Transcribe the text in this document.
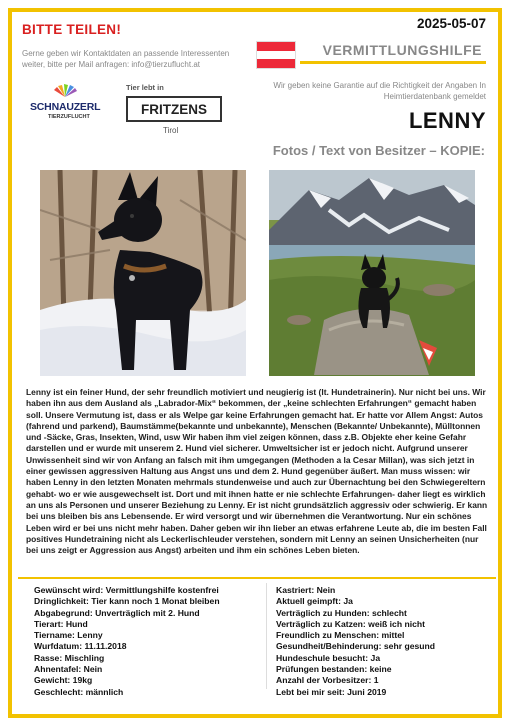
BITTE TEILEN!	2025-05-07
Gerne geben wir Kontaktdaten an passende Interessenten weiter, bitte per Mail anfragen: info@tierzuflucht.at
VERMITTLUNGSHILFE
SCHNAUZERL
TIERZUFLUCHT
Tier lebt in
FRITZENS
Tirol
Wir geben keine Garantie auf die Richtigkeit der Angaben In Heimtierdatenbank gemeldet
LENNY
Fotos / Text von Besitzer – KOPIE:

Lenny ist ein feiner Hund, der sehr freundlich motiviert und neugierig ist (lt. Hundetrainerin). Nur nicht bei uns. Wir haben ihn aus dem Ausland als „Labrador-Mix“ bekommen, der „keine schlechten Erfahrungen“ gemacht haben soll. Unsere Vermutung ist, dass er als Welpe gar keine Erfahrungen gemacht hat. Er hatte vor Allem Angst: Autos (fahrend und parkend), Baumstämme(bekannte und unbekannte), Menschen (Bekannte/ Unbekannte), Mülltonnen und -Säcke, Gras, Insekten, Wind, usw Wir haben ihm viel zeigen können, dass z.B. Objekte eher keine Gefahr darstellen und er wurde mit unserem 2. Hund viel sicherer. Umweltsicher ist er jedoch nicht. Aufgrund unserer Unwissenheit sind wir von Anfang an falsch mit ihm umgegangen (Methoden a la Cesar Millan), was sich jetzt in einer gewissen aggressiven Haltung aus Angst uns und dem 2. Hund gegenüber äußert. Man muss wissen: wir haben Lenny in den letzten Monaten mehrmals stundenweise und auch zur Übernachtung bei den Schwiegereltern gehabt- wo er wie ausgewechselt ist. Dort und mit ihnen hatte er nie schlechte Erfahrungen- daher liegt es wirklich an uns als Personen und unserer Beziehung zu Lenny. Er ist nicht grundsätzlich aggressiv oder schwierig. Er kann bei uns bleiben bis ans Lebensende. Er wird versorgt und wir übernehmen die Verantwortung. Nur ein schönes Leben wird er bei uns nicht mehr haben. Daher geben wir ihn lieber an etwas erfahrene Leute ab, die im besten Fall positives Hundetraining nicht als Leckerlischleuder verstehen, sondern mit Lenny an seinen Unsicherheiten (nur bei uns zeigt er Aggression aus Angst) arbeiten und ihm ein schönes Leben bieten.

Gewünscht wird: Vermittlungshilfe kostenfrei
Dringlichkeit: Tier kann noch 1 Monat bleiben
Abgabegrund: Unverträglich mit 2. Hund
Tierart: Hund
Tiername: Lenny
Wurfdatum: 11.11.2018
Rasse: Mischling
Ahnentafel: Nein
Gewicht: 19kg
Geschlecht: männlich
Kastriert: Nein
Aktuell geimpft: Ja
Verträglich zu Hunden: schlecht
Verträglich zu Katzen: weiß ich nicht
Freundlich zu Menschen: mittel
Gesundheit/Behinderung: sehr gesund
Hundeschule besucht: Ja
Prüfungen bestanden: keine
Anzahl der Vorbesitzer: 1
Lebt bei mir seit: Juni 2019
